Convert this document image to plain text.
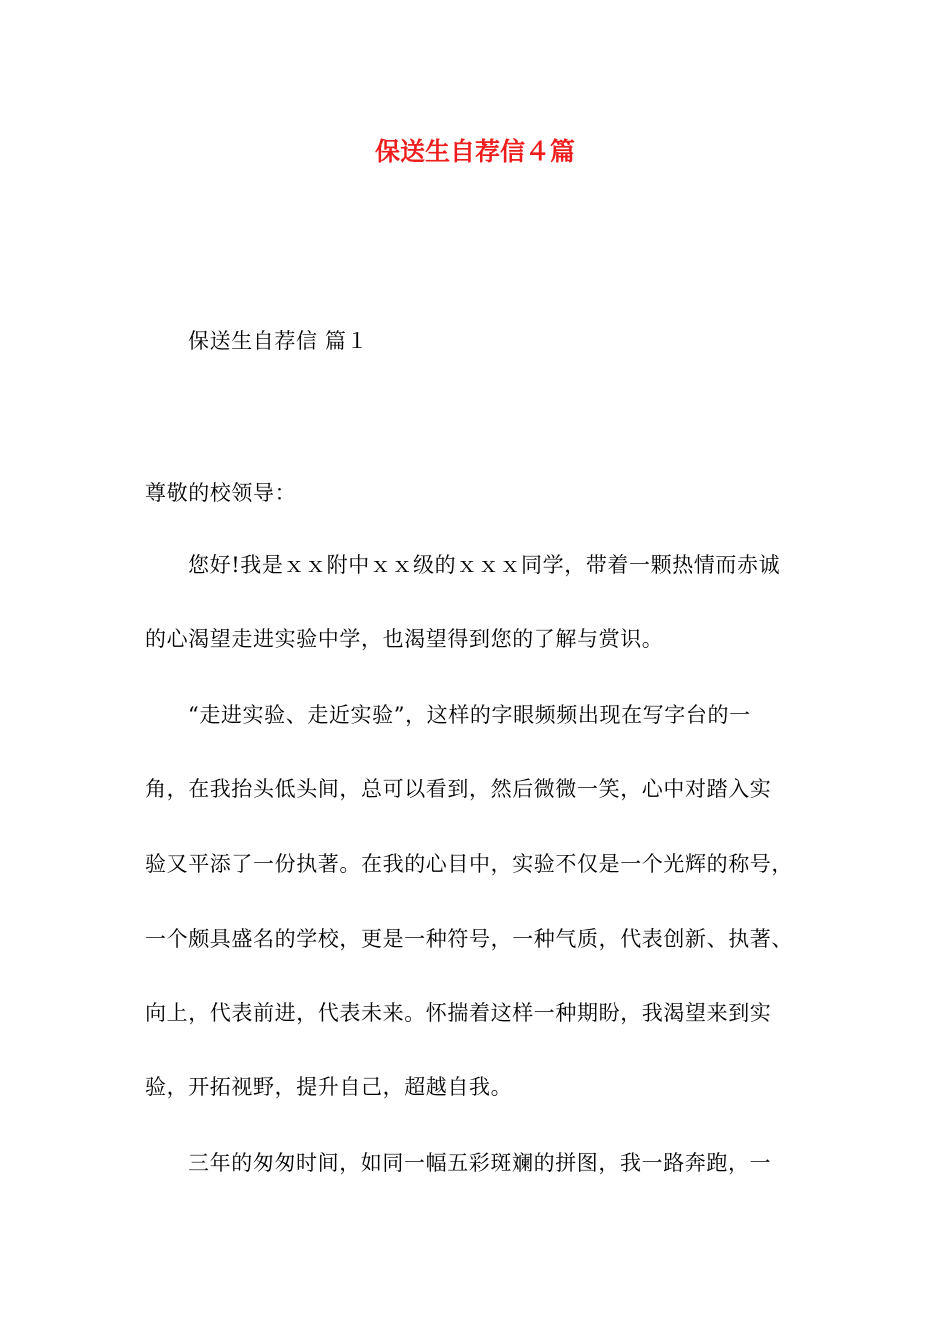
保送生自荐信４篇
保送生自荐信 篇１
尊敬的校领导：
您好!我是ｘｘ附中ｘｘ级的ｘｘｘ同学，带着一颗热情而赤诚
的心渴望走进实验中学，也渴望得到您的了解与赏识。
“走进实验、走近实验”，这样的字眼频频出现在写字台的一
角，在我抬头低头间，总可以看到，然后微微一笑，心中对踏入实
验又平添了一份执著。在我的心目中，实验不仅是一个光辉的称号，
一个颇具盛名的学校，更是一种符号，一种气质，代表创新、执著、
向上，代表前进，代表未来。怀揣着这样一种期盼，我渴望来到实
验，开拓视野，提升自己，超越自我。
三年的匆匆时间，如同一幅五彩斑斓的拼图，我一路奔跑，一
